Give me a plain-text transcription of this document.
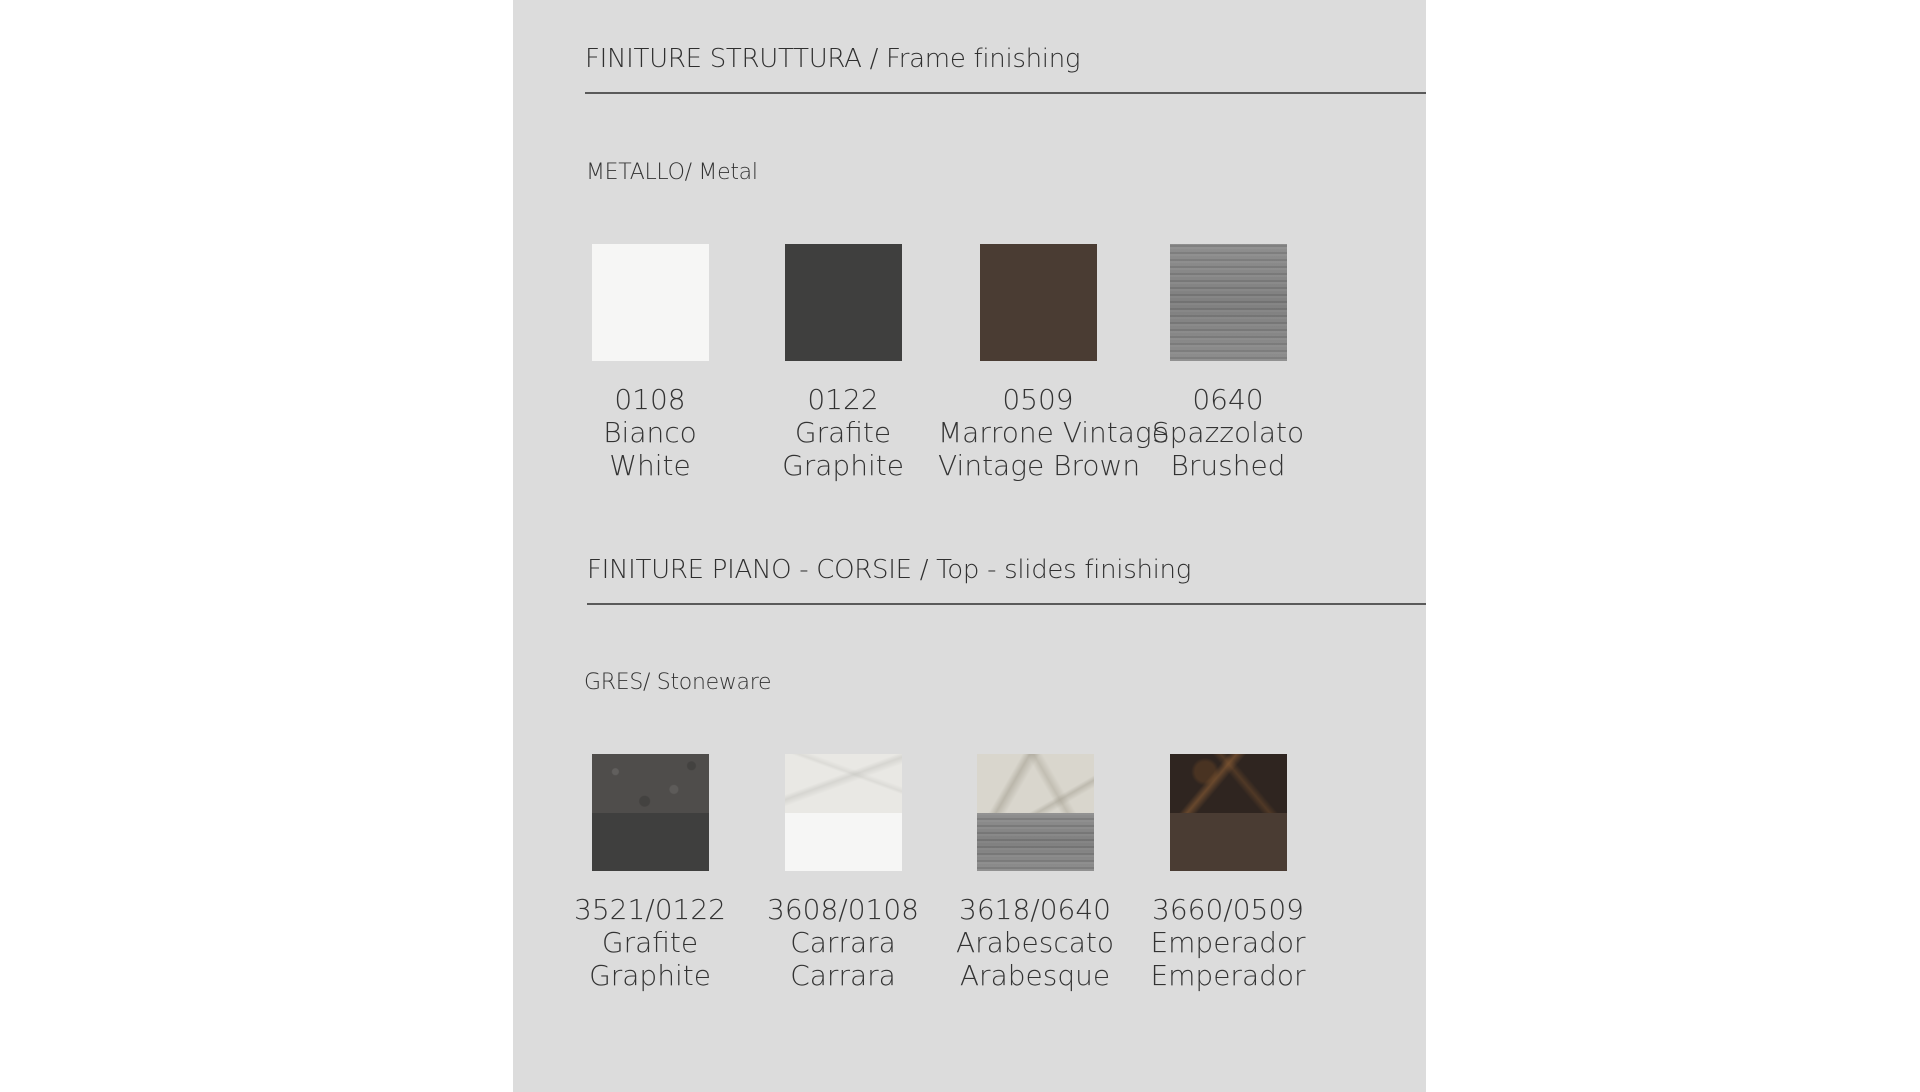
FINITURE STRUTTURA / Frame finishing
METALLO/ Metal
0108
Bianco
White
0122
Grafite
Graphite
0509
Marrone Vintage
Vintage Brown
0640
Spazzolato
Brushed
FINITURE PIANO - CORSIE / Top - slides finishing
GRES/ Stoneware
3521/0122
Grafite
Graphite
3608/0108
Carrara
Carrara
3618/0640
Arabescato
Arabesque
3660/0509
Emperador
Emperador
